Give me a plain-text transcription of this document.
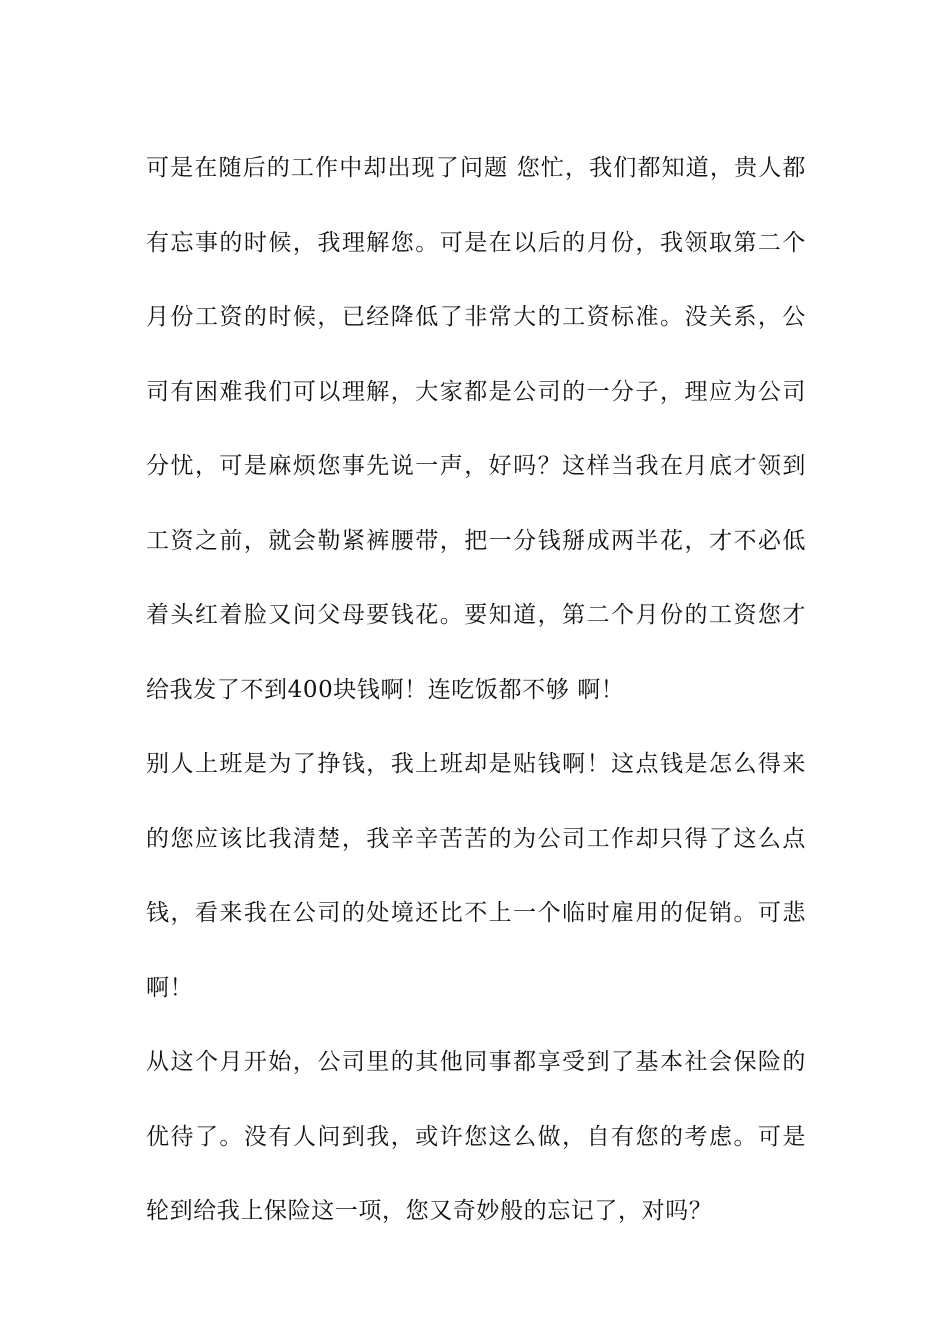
可是在随后的工作中却出现了问题 您忙，我们都知道，贵人都
有忘事的时候，我理解您。可是在以后的月份，我领取第二个
月份工资的时候，已经降低了非常大的工资标准。没关系，公
司有困难我们可以理解，大家都是公司的一分子，理应为公司
分忧，可是麻烦您事先说一声，好吗？这样当我在月底才领到
工资之前，就会勒紧裤腰带，把一分钱掰成两半花，才不必低
着头红着脸又问父母要钱花。要知道，第二个月份的工资您才
给我发了不到400块钱啊！连吃饭都不够 啊！
别人上班是为了挣钱，我上班却是贴钱啊！这点钱是怎么得来
的您应该比我清楚，我辛辛苦苦的为公司工作却只得了这么点
钱，看来我在公司的处境还比不上一个临时雇用的促销。可悲
啊！
从这个月开始，公司里的其他同事都享受到了基本社会保险的
优待了。没有人问到我，或许您这么做，自有您的考虑。可是
轮到给我上保险这一项，您又奇妙般的忘记了，对吗？
